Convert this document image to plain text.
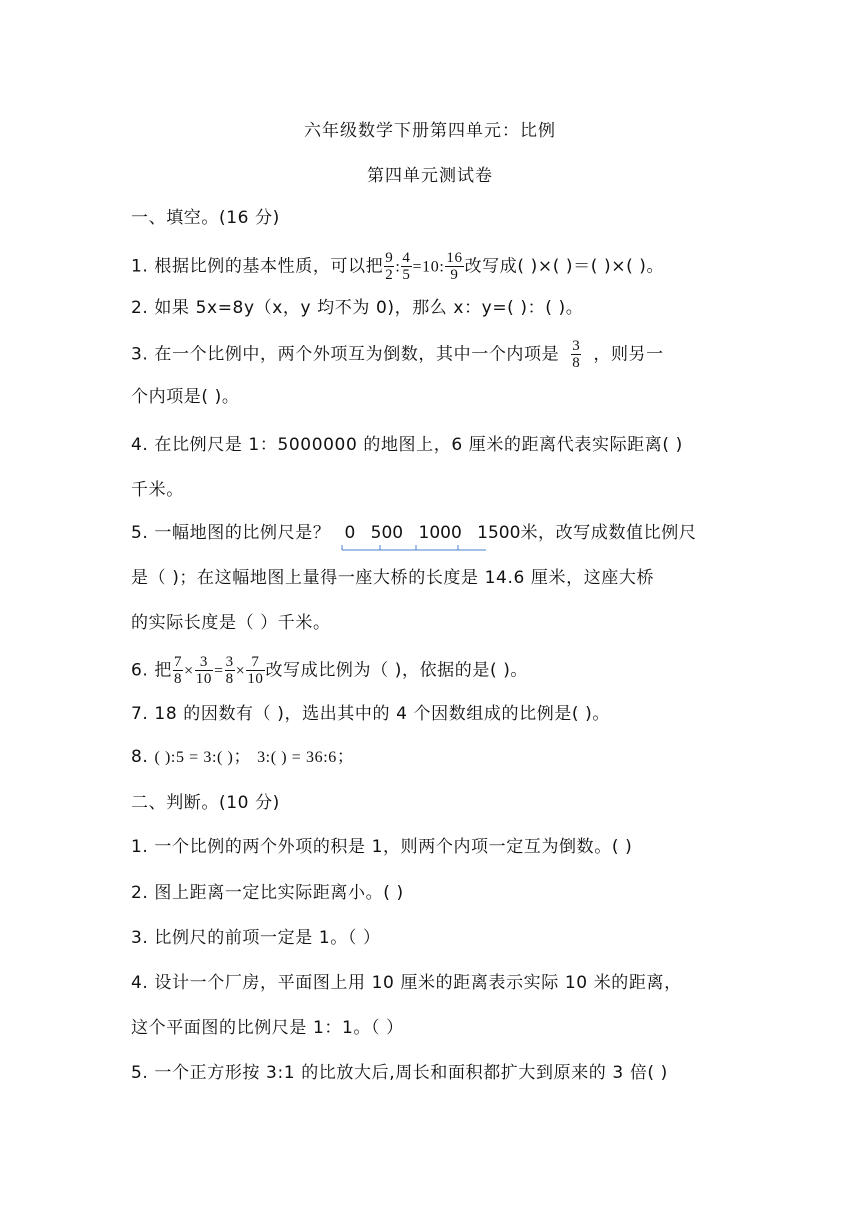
六年级数学下册第四单元：比例
第四单元测试卷
一、填空。(16 分)
1. 根据比例的基本性质，可以把 $\frac{9}{2}$ : $\frac{4}{5} =10$: $\frac{16}{9}$ 改写成( )×( )＝( )×( )。
2. 如果 5x=8y（x，y 均不为 0)，那么 x：y=( )：( )。
3. 在一个比例中，两个外项互为倒数，其中一个内项是 $\frac{3}{8}$ ，则另一
个内项是( )。
4. 在比例尺是 1：5000000 的地图上，6 厘米的距离代表实际距离( )
千米。
5. 一幅地图的比例尺是？ 0 500 1000 1500
米，改写成数值比例尺
是（ )；在这幅地图上量得一座大桥的长度是 14.6 厘米，这座大桥
的实际长度是（ ）千米。
6. 把 $\frac{7}{8} \times \frac{3}{10} = \frac{3}{8} \times \frac{7}{10}$ 改写成比例为（ )，依据的是( )。
7. 18 的因数有（ )，选出其中的 4 个因数组成的比例是( )。
8. ( ):5 = 3:( )； 3:( ) = 36:6；
二、判断。(10 分)
1. 一个比例的两个外项的积是 1，则两个内项一定互为倒数。( )
2. 图上距离一定比实际距离小。( )
3. 比例尺的前项一定是 1。（ ）
4. 设计一个厂房，平面图上用 10 厘米的距离表示实际 10 米的距离，
这个平面图的比例尺是 1：1。（ ）
5. 一个正方形按 3:1 的比放大后,周长和面积都扩大到原来的 3 倍( )
